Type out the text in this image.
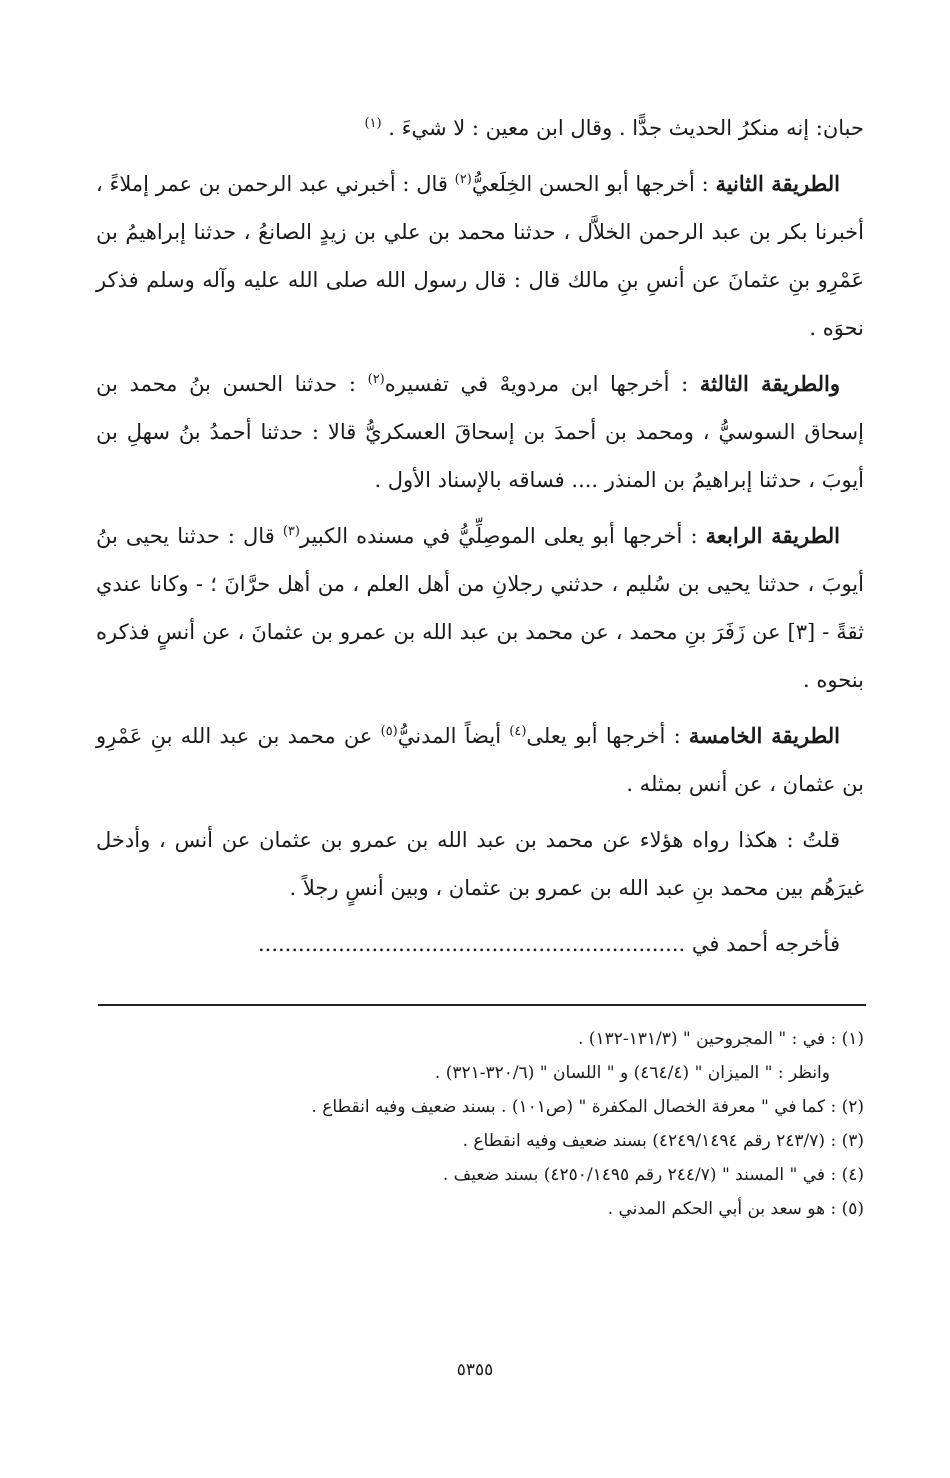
حبان: إنه منكرُ الحديث جدًّا . وقال ابن معين : لا شيءَ . $^{(١)}$

الطريقة الثانية : أخرجها أبو الحسن الخِلَعيُّ$^{(٢)}$ قال : أخبرني عبد الرحمن بن عمر إملاءً ، أخبرنا بكر بن عبد الرحمن الخلاَّل ، حدثنا محمد بن علي بن زيدٍ الصانعُ ، حدثنا إبراهيمُ بن عَمْرِو بنِ عثمانَ عن أنسِ بنِ مالك قال : قال رسول الله صلى الله عليه وآله وسلم فذكر نحوَه .

والطريقة الثالثة : أخرجها ابن مردويهْ في تفسيره$^{(٢)}$ : حدثنا الحسن بنُ محمد بن إسحاق السوسيُّ ، ومحمد بن أحمدَ بن إسحاقَ العسكريُّ قالا : حدثنا أحمدُ بنُ سهلِ بن أيوبَ ، حدثنا إبراهيمُ بن المنذر .... فساقه بالإسناد الأول .

الطريقة الرابعة : أخرجها أبو يعلى الموصِلِّيُّ في مسنده الكبير$^{(٣)}$ قال : حدثنا يحيى بنُ أيوبَ ، حدثنا يحيى بن سُليم ، حدثني رجلانِ من أهل العلم ، من أهل حرَّانَ ؛ - وكانا عندي ثقةً - [٣] عن زَفَرَ بنِ محمد ، عن محمد بن عبد الله بن عمرو بن عثمانَ ، عن أنسٍ فذكره بنحوه .

الطريقة الخامسة : أخرجها أبو يعلى$^{(٤)}$ أيضاً المدنيُّ$^{(٥)}$ عن محمد بن عبد الله بنِ عَمْرِو بن عثمان ، عن أنس بمثله .

قلتُ : هكذا رواه هؤلاء عن محمد بن عبد الله بن عمرو بن عثمان عن أنس ، وأدخل غيرَهُم بين محمد بنِ عبد الله بن عمرو بن عثمان ، وبين أنسٍ رجلاً .

فأخرجه أحمد في ................................................................

(١) : في : " المجروحين " (١٣١/٣-١٣٢) .

وانظر : " الميزان " (٤٦٤/٤) و " اللسان " (٣٢٠/٦-٣٢١) .

(٢) : كما في " معرفة الخصال المكفرة " (ص١٠١) . بسند ضعيف وفيه انقطاع .

(٣) : (٢٤٣/٧ رقم ٤٢٤٩/١٤٩٤) بسند ضعيف وفيه انقطاع .

(٤) : في " المسند " (٢٤٤/٧ رقم ٤٢٥٠/١٤٩٥) بسند ضعيف .

(٥) : هو سعد بن أبي الحكم المدني .

٥٣٥٥
